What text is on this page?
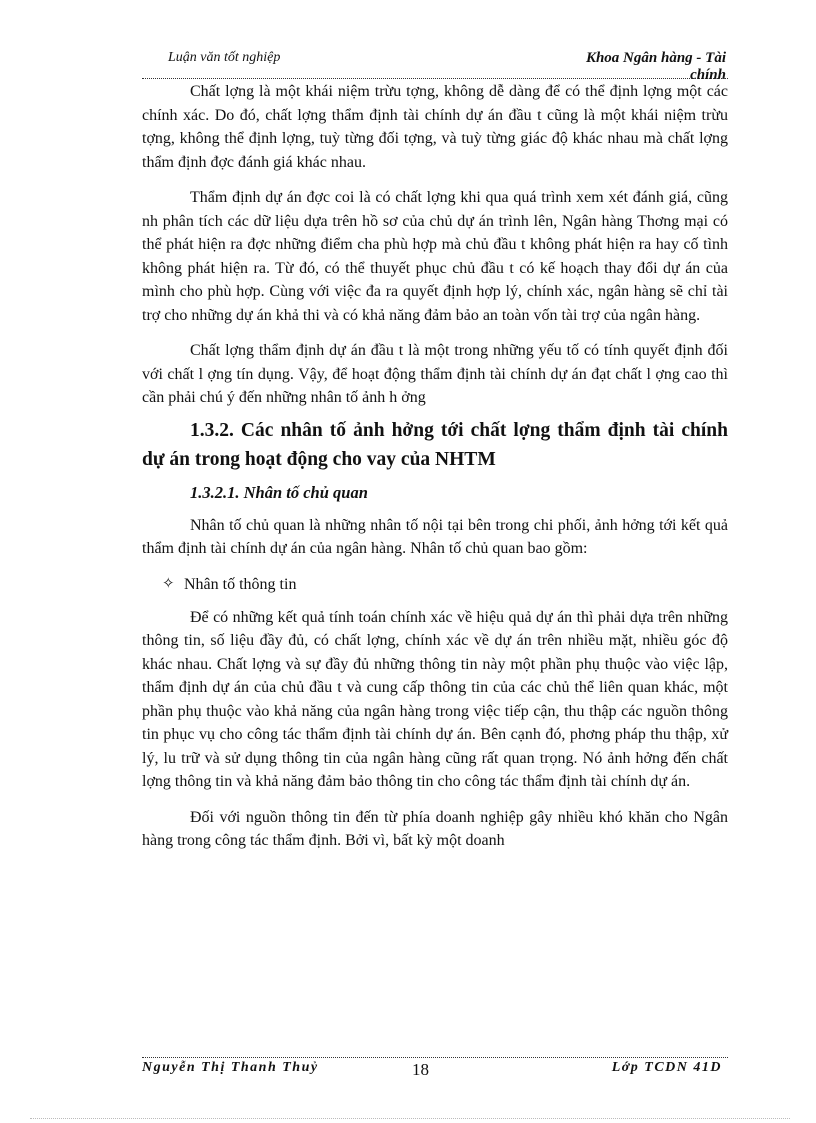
Luận văn tốt nghiệp	Khoa Ngân hàng - Tài chính

Chất lợng là một khái niệm trừu tợng, không dễ dàng để có thể định lợng một các chính xác. Do đó, chất lợng thẩm định tài chính dự án đầu t cũng là một khái niệm trừu tợng, không thể định lợng, tuỳ từng đối tợng, và tuỳ từng giác độ khác nhau mà chất lợng thẩm định đợc đánh giá khác nhau.

Thẩm định dự án đợc coi là có chất lợng khi qua quá trình xem xét đánh giá, cũng nh phân tích các dữ liệu dựa trên hồ sơ của chủ dự án trình lên, Ngân hàng Thơng mại có thể phát hiện ra đợc những điểm cha phù hợp mà chủ đầu t không phát hiện ra hay cố tình không phát hiện ra. Từ đó, có thể thuyết phục chủ đầu t có kế hoạch thay đổi dự án của mình cho phù hợp. Cùng với việc đa ra quyết định hợp lý, chính xác, ngân hàng sẽ chỉ tài trợ cho những dự án khả thi và có khả năng đảm bảo an toàn vốn tài trợ của ngân hàng.

Chất lợng thẩm định dự án đầu t là một trong những yếu tố có tính quyết định đối với chất l ợng tín dụng. Vậy, để hoạt động thẩm định tài chính dự án đạt chất l ợng cao thì cần phải chú ý đến những nhân tố ảnh h ởng

1.3.2. Các nhân tố ảnh hởng tới chất lợng thẩm định tài chính dự án trong hoạt động cho vay của NHTM
1.3.2.1. Nhân tố chủ quan

Nhân tố chủ quan là những nhân tố nội tại bên trong chi phối, ảnh hởng tới kết quả thẩm định tài chính dự án của ngân hàng. Nhân tố chủ quan bao gồm:

✧ Nhân tố thông tin

Để có những kết quả tính toán chính xác về hiệu quả dự án thì phải dựa trên những thông tin, số liệu đầy đủ, có chất lợng, chính xác về dự án trên nhiều mặt, nhiều góc độ khác nhau. Chất lợng và sự đầy đủ những thông tin này một phần phụ thuộc vào việc lập, thẩm định dự án của chủ đầu t và cung cấp thông tin của các chủ thể liên quan khác, một phần phụ thuộc vào khả năng của ngân hàng trong việc tiếp cận, thu thập các nguồn thông tin phục vụ cho công tác thẩm định tài chính dự án. Bên cạnh đó, phơng pháp thu thập, xử lý, lu trữ và sử dụng thông tin của ngân hàng cũng rất quan trọng. Nó ảnh hởng đến chất lợng thông tin và khả năng đảm bảo thông tin cho công tác thẩm định tài chính dự án.

Đối với nguồn thông tin đến từ phía doanh nghiệp gây nhiều khó khăn cho Ngân hàng trong công tác thẩm định. Bởi vì, bất kỳ một doanh

Nguyễn Thị Thanh Thuỷ	18	Lớp TCDN 41D
